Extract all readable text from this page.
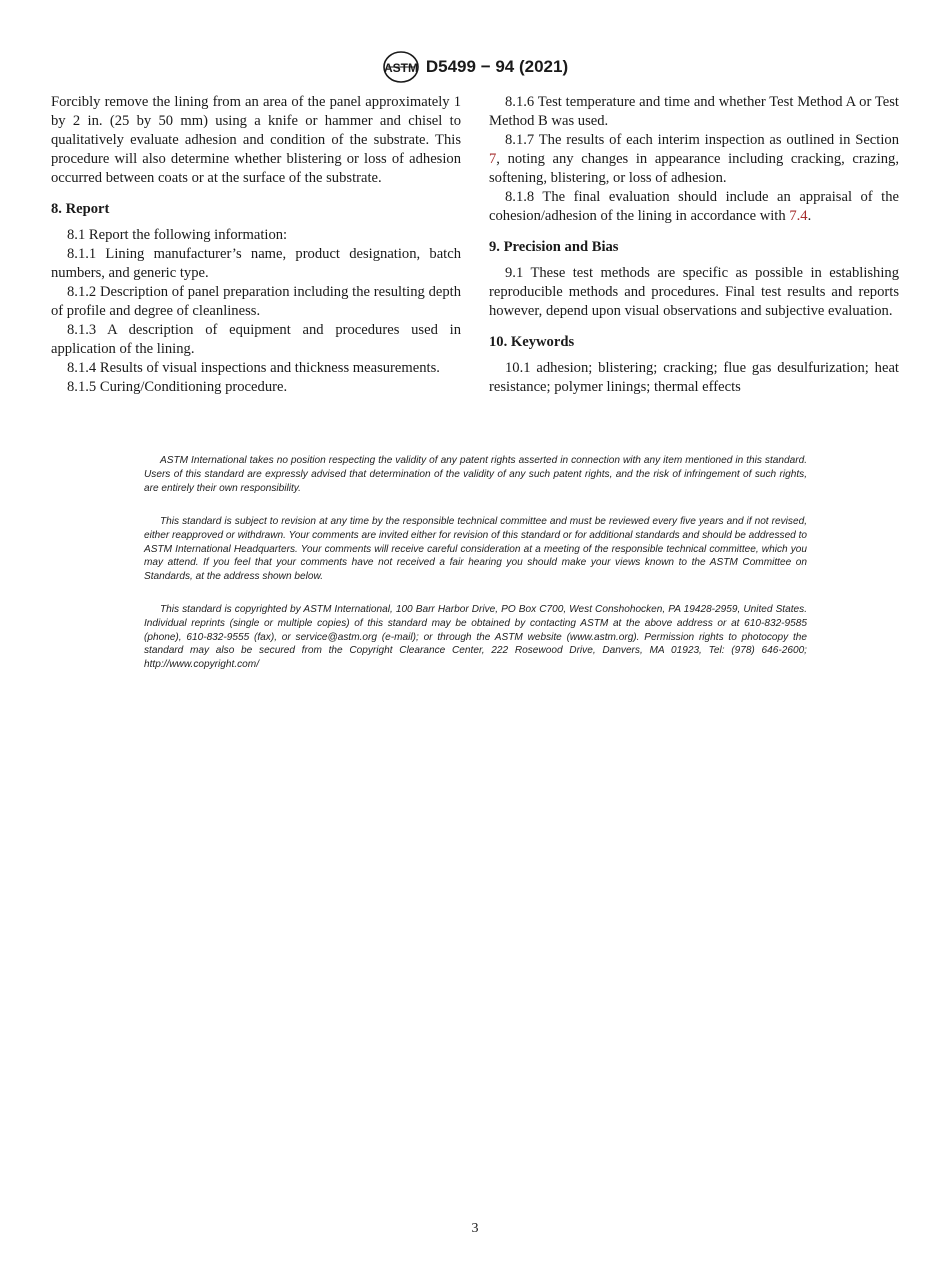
ASTM D5499 − 94 (2021)

Forcibly remove the lining from an area of the panel approximately 1 by 2 in. (25 by 50 mm) using a knife or hammer and chisel to qualitatively evaluate adhesion and condition of the substrate. This procedure will also determine whether blistering or loss of adhesion occurred between coats or at the surface of the substrate.

8. Report

8.1 Report the following information:

8.1.1 Lining manufacturer’s name, product designation, batch numbers, and generic type.

8.1.2 Description of panel preparation including the resulting depth of profile and degree of cleanliness.

8.1.3 A description of equipment and procedures used in application of the lining.

8.1.4 Results of visual inspections and thickness measurements.

8.1.5 Curing/Conditioning procedure.

8.1.6 Test temperature and time and whether Test Method A or Test Method B was used.

8.1.7 The results of each interim inspection as outlined in Section 7, noting any changes in appearance including cracking, crazing, softening, blistering, or loss of adhesion.

8.1.8 The final evaluation should include an appraisal of the cohesion/adhesion of the lining in accordance with 7.4.

9. Precision and Bias

9.1 These test methods are specific as possible in establishing reproducible methods and procedures. Final test results and reports however, depend upon visual observations and subjective evaluation.

10. Keywords

10.1 adhesion; blistering; cracking; flue gas desulfurization; heat resistance; polymer linings; thermal effects

ASTM International takes no position respecting the validity of any patent rights asserted in connection with any item mentioned in this standard. Users of this standard are expressly advised that determination of the validity of any such patent rights, and the risk of infringement of such rights, are entirely their own responsibility.

This standard is subject to revision at any time by the responsible technical committee and must be reviewed every five years and if not revised, either reapproved or withdrawn. Your comments are invited either for revision of this standard or for additional standards and should be addressed to ASTM International Headquarters. Your comments will receive careful consideration at a meeting of the responsible technical committee, which you may attend. If you feel that your comments have not received a fair hearing you should make your views known to the ASTM Committee on Standards, at the address shown below.

This standard is copyrighted by ASTM International, 100 Barr Harbor Drive, PO Box C700, West Conshohocken, PA 19428-2959, United States. Individual reprints (single or multiple copies) of this standard may be obtained by contacting ASTM at the above address or at 610-832-9585 (phone), 610-832-9555 (fax), or service@astm.org (e-mail); or through the ASTM website (www.astm.org). Permission rights to photocopy the standard may also be secured from the Copyright Clearance Center, 222 Rosewood Drive, Danvers, MA 01923, Tel: (978) 646-2600; http://www.copyright.com/

3
